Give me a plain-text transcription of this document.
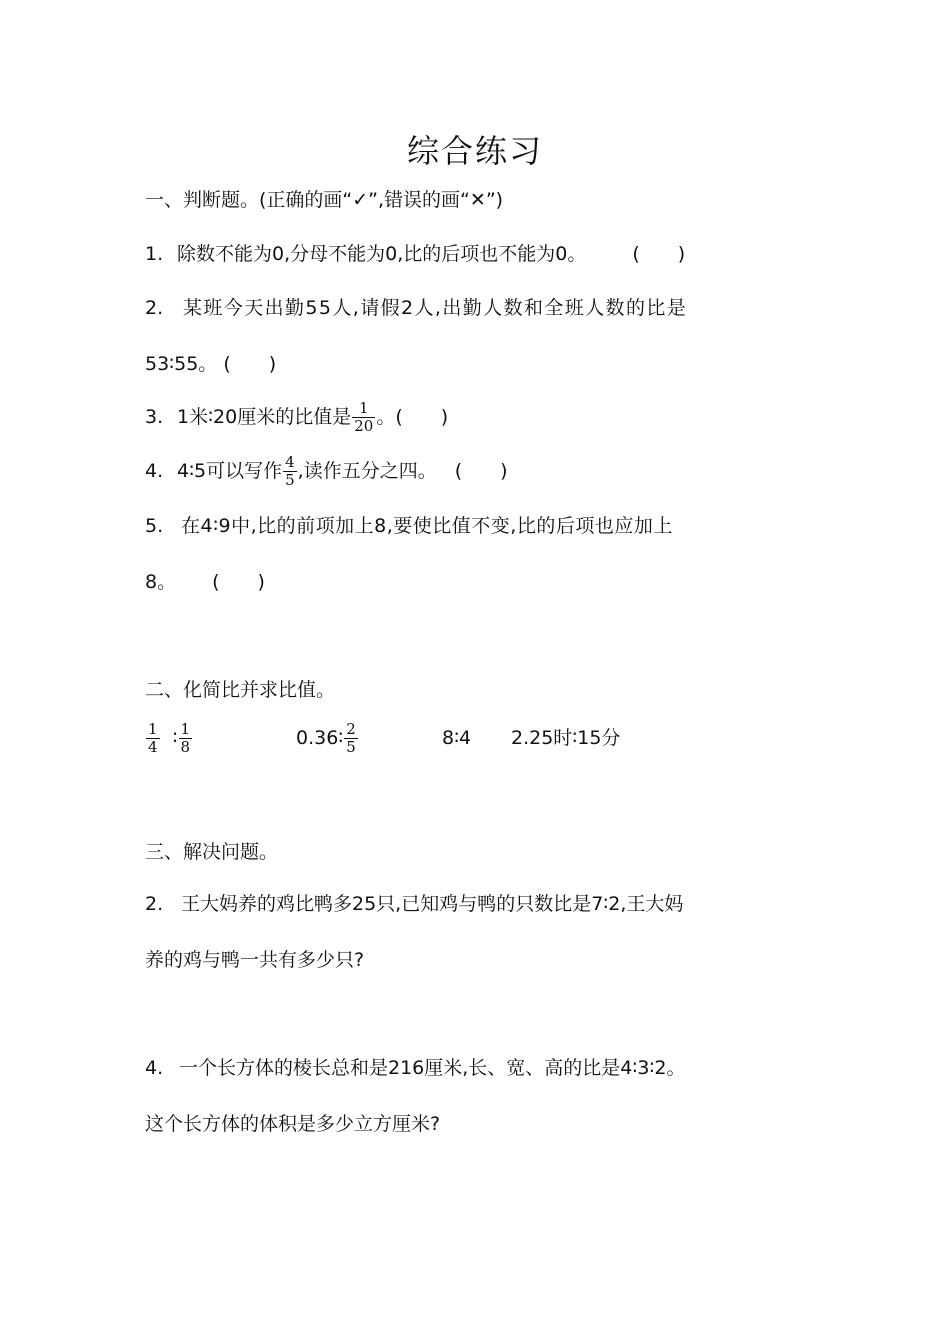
综合练习
一、判断题。(正确的画“✓”,错误的画“✕”)
1. 除数不能为0,分母不能为0,比的后项也不能为0。 (　　)
2. 某班今天出勤55人,请假2人,出勤人数和全班人数的比是
53∶55。 (　　)
3. 1米∶20厘米的比值是 $\frac{1}{20}$ 。(　　)
4. 4∶5可以写作 $\frac{4}{5}$ ,读作五分之四。 (　　)
5. 在4∶9中,比的前项加上8,要使比值不变,比的后项也应加上
8。 (　　)
二、化简比并求比值。
$\frac{1}{4}$ ∶ $\frac{1}{8}$	0.36∶ $\frac{2}{5}$	8∶4 2.25时∶15分
三、解决问题。
2. 王大妈养的鸡比鸭多25只,已知鸡与鸭的只数比是7∶2,王大妈
养的鸡与鸭一共有多少只?
4. 一个长方体的棱长总和是216厘米,长、宽、高的比是4∶3∶2。
这个长方体的体积是多少立方厘米?
